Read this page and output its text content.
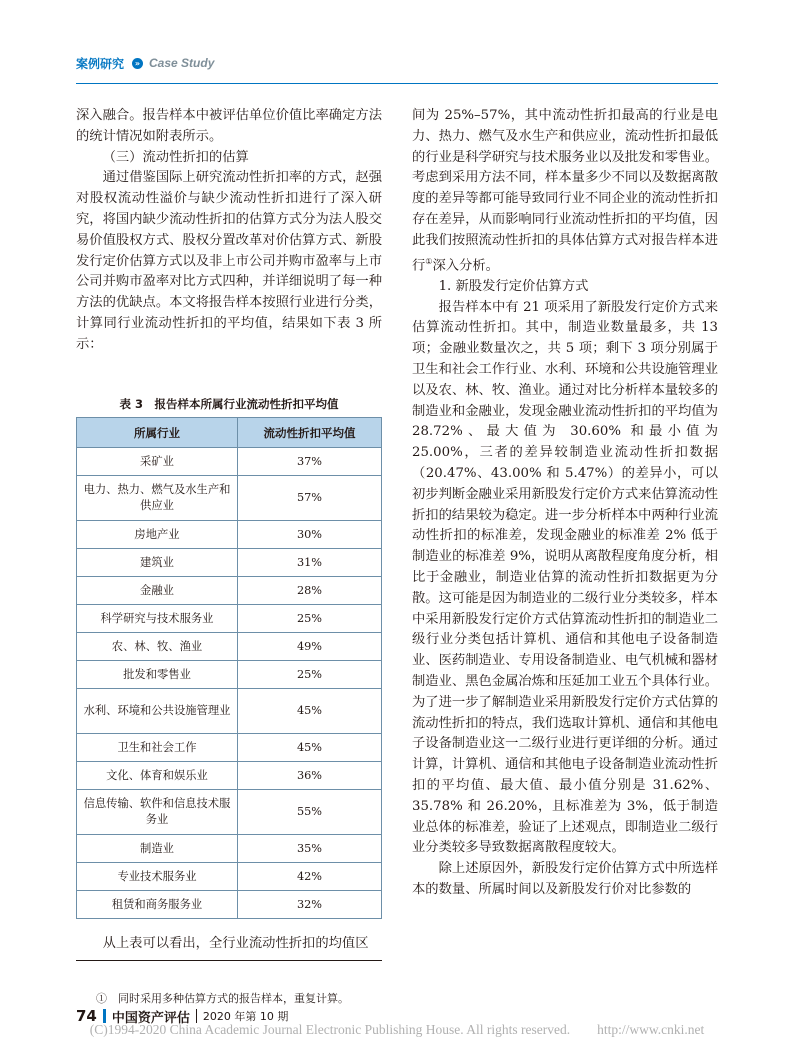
案例研究	» Case Study

深入融合。报告样本中被评估单位价值比率确定方法的统计情况如附表所示。

（三）流动性折扣的估算

通过借鉴国际上研究流动性折扣率的方式，赵强对股权流动性溢价与缺少流动性折扣进行了深入研究，将国内缺少流动性折扣的估算方式分为法人股交易价值股权方式、股权分置改革对价估算方式、新股发行定价估算方式以及非上市公司并购市盈率与上市公司并购市盈率对比方式四种，并详细说明了每一种方法的优缺点。本文将报告样本按照行业进行分类，计算同行业流动性折扣的平均值，结果如下表 3 所示：

表 3　报告样本所属行业流动性折扣平均值
所属行业	流动性折扣平均值
采矿业	37%
电力、热力、燃气及水生产和供应业	57%
房地产业	30%
建筑业	31%
金融业	28%
科学研究与技术服务业	25%
农、林、牧、渔业	49%
批发和零售业	25%
水利、环境和公共设施管理业	45%
卫生和社会工作	45%
文化、体育和娱乐业	36%
信息传输、软件和信息技术服务业	55%
制造业	35%
专业技术服务业	42%
租赁和商务服务业	32%

从上表可以看出，全行业流动性折扣的均值区

间为 25%–57%，其中流动性折扣最高的行业是电力、热力、燃气及水生产和供应业，流动性折扣最低的行业是科学研究与技术服务业以及批发和零售业。考虑到采用方法不同，样本量多少不同以及数据离散度的差异等都可能导致同行业不同企业的流动性折扣存在差异，从而影响同行业流动性折扣的平均值，因此我们按照流动性折扣的具体估算方式对报告样本进行①深入分析。

1. 新股发行定价估算方式

报告样本中有 21 项采用了新股发行定价方式来估算流动性折扣。其中，制造业数量最多，共 13 项；金融业数量次之，共 5 项；剩下 3 项分别属于卫生和社会工作行业、水利、环境和公共设施管理业以及农、林、牧、渔业。通过对比分析样本量较多的制造业和金融业，发现金融业流动性折扣的平均值为 28.72%、最大值为 30.60% 和最小值为 25.00%，三者的差异较制造业流动性折扣数据（20.47%、43.00% 和 5.47%）的差异小，可以初步判断金融业采用新股发行定价方式来估算流动性折扣的结果较为稳定。进一步分析样本中两种行业流动性折扣的标准差，发现金融业的标准差 2% 低于制造业的标准差 9%，说明从离散程度角度分析，相比于金融业，制造业估算的流动性折扣数据更为分散。这可能是因为制造业的二级行业分类较多，样本中采用新股发行定价方式估算流动性折扣的制造业二级行业分类包括计算机、通信和其他电子设备制造业、医药制造业、专用设备制造业、电气机械和器材制造业、黑色金属冶炼和压延加工业五个具体行业。为了进一步了解制造业采用新股发行定价方式估算的流动性折扣的特点，我们选取计算机、通信和其他电子设备制造业这一二级行业进行更详细的分析。通过计算，计算机、通信和其他电子设备制造业流动性折扣的平均值、最大值、最小值分别是 31.62%、35.78% 和 26.20%，且标准差为 3%，低于制造业总体的标准差，验证了上述观点，即制造业二级行业分类较多导致数据离散程度较大。

除上述原因外，新股发行定价估算方式中所选样本的数量、所属时间以及新股发行价对比参数的

①　同时采用多种估算方式的报告样本，重复计算。
74 中国资产评估 2020 年第 10 期
(C)1994-2020 China Academic Journal Electronic Publishing House. All rights reserved.　　http://www.cnki.net
